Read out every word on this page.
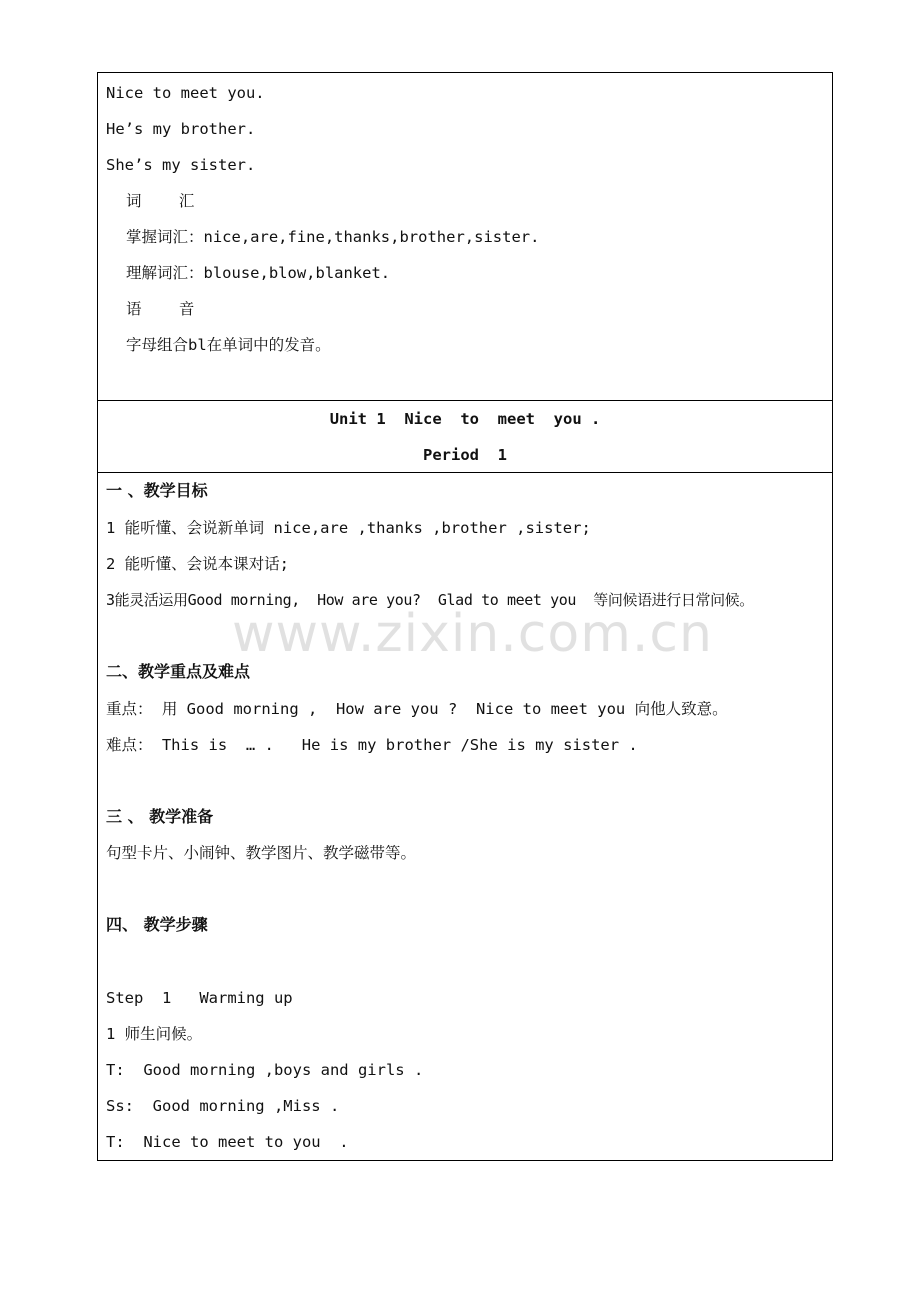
Nice to meet you.
He’s my brother.
She’s my sister.
词    汇
掌握词汇：nice,are,fine,thanks,brother,sister.
理解词汇：blouse,blow,blanket.
语    音
字母组合bl在单词中的发音。
Unit 1  Nice  to  meet  you .
Period  1
一 、教学目标
1 能听懂、会说新单词 nice,are ,thanks ,brother ,sister;
2 能听懂、会说本课对话;
3能灵活运用Good morning,  How are you?  Glad to meet you  等问候语进行日常问候。
二、教学重点及难点
重点： 用 Good morning ,  How are you ?  Nice to meet you 向他人致意。
难点： This is  … .   He is my brother /She is my sister .
三 、 教学准备
句型卡片、小闹钟、教学图片、教学磁带等。
四、 教学步骤
Step  1   Warming up
1 师生问候。
T:  Good morning ,boys and girls .
Ss:  Good morning ,Miss .
T:  Nice to meet to you  .
www.zixin.com.cn
